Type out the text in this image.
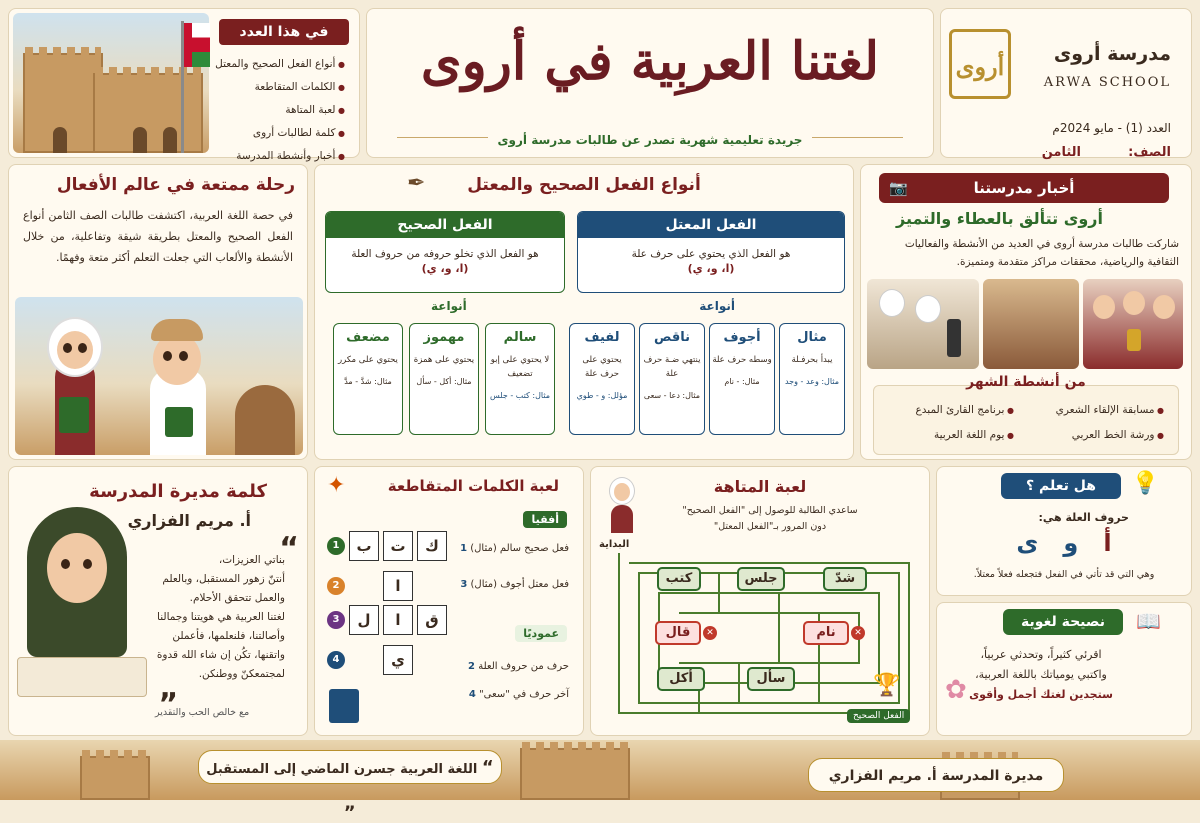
في هذا العدد
● أنواع الفعل الصحيح والمعتل
● الكلمات المتقاطعة
● لعبة المتاهة
● كلمة لطالبات أروى
● أخبار وأنشطة المدرسة
لغتنا العربِية في أروى
جريدة تعليمية شهرية تصدر عن طالبات مدرسة أروى
أروى	مدرسة أروى
ARWA SCHOOL
العدد (1) - مايو 2024م
الصف:
الثامن
رحلة ممتعة في عالم الأفعال
في حصة اللغة العربية، اكتشفت طالبات الصف الثامن أنواع الفعل الصحيح والمعتل بطريقة شيقة وتفاعلية، من خلال الأنشطة والألعاب التي جعلت التعلم أكثر متعة وفهمًا.
أنواع الفعل الصحيح والمعتل
✒
الفعل المعتل
هو الفعل الذي يحتوي على حرف علة
(ا، و، ي)
أنواعة
مثال
يبدأ بحرفـلة
مثال: وعد - وجد
أجوف
وسطه حرف علة
مثال: - نام
ناقص
ينتهي ضـة حرف علة
مثال: دعا - سعى
لفيف
يحتوي على حرف علة
مؤلل: و - طوي
الفعل الصحيح
هو الفعل الذي تخلو حروفه من حروف العلة
(ا، و، ي)
أنواعة
سالم
لا يحتوي على إبو تضعيف
مثال: كتب - جلس
مهموز
يحتوي على همزة
مثال: أكل - سأل
مضعف
يحتوي على مكرر
مثال: شدَّ - مدَّ
أخبار مدرستنا
📷
أروى تتألق بالعطاء والتميز
شاركت طالبات مدرسة أروى في العديد من الأنشطة والفعاليات الثقافية والرياضية، محققات مراكز متقدمة ومتميزة.
من أنشطة الشهر
● مسابقة الإلقاء الشعري
● ورشة الخط العربي
● برنامج القارئ المبدع
● يوم اللغة العربية
كلمة مديرة المدرسة
أ. مريم الفزاري
“
بناتي العزيزات،
أنتنّ زهور المستقبل، وبالعلم
والعمل تتحقق الأحلام.
لغتنا العربية هي هويتنا وجمالنا
وأصالتنا، فلنعلمها، فأعملن
واتقنها، تكُن إن شاء الله قدوة
لمجتمعكنّ ووطنكن.
„
مع خالص الحب والتقدير
لعبة الكلمات المتقاطعة
✦
أفقيا
فعل صحيح سالم (مثال) 1
فعل معتل أجوف (مثال) 3
عموديًا
حرف من حروف العلة 2
آخر حرف في "سعى" 4
ك
ت
ب
ا
ق
ا
ل
ي
1
2
3
4
لعبة المتاهة
ساعدي الطالبة للوصول إلى "الفعل الصحيح"
دون المرور بـ"الفعل المعتل"
البداية
كتب	جلس	شدّ
قال	✕	نام	✕
أكل	سأل	🏆
الفعل الصحيح
هل تعلم ؟	💡
حروف العلة هي:
أ   و   ى
وهي التي قد تأتي في الفعل فتجعله فعلاً معتلاً.
نصيحة لغوية	📖
اقرئي كثيراً، وتحدثي عربياً،
واكتبي يومياتك باللغة العربية،
ستجدين لغتك أجمل وأقوى
✿
“ اللغة العربية جسرن الماضي إلى المستقبل „
مديرة المدرسة أ. مريم الفزاري
